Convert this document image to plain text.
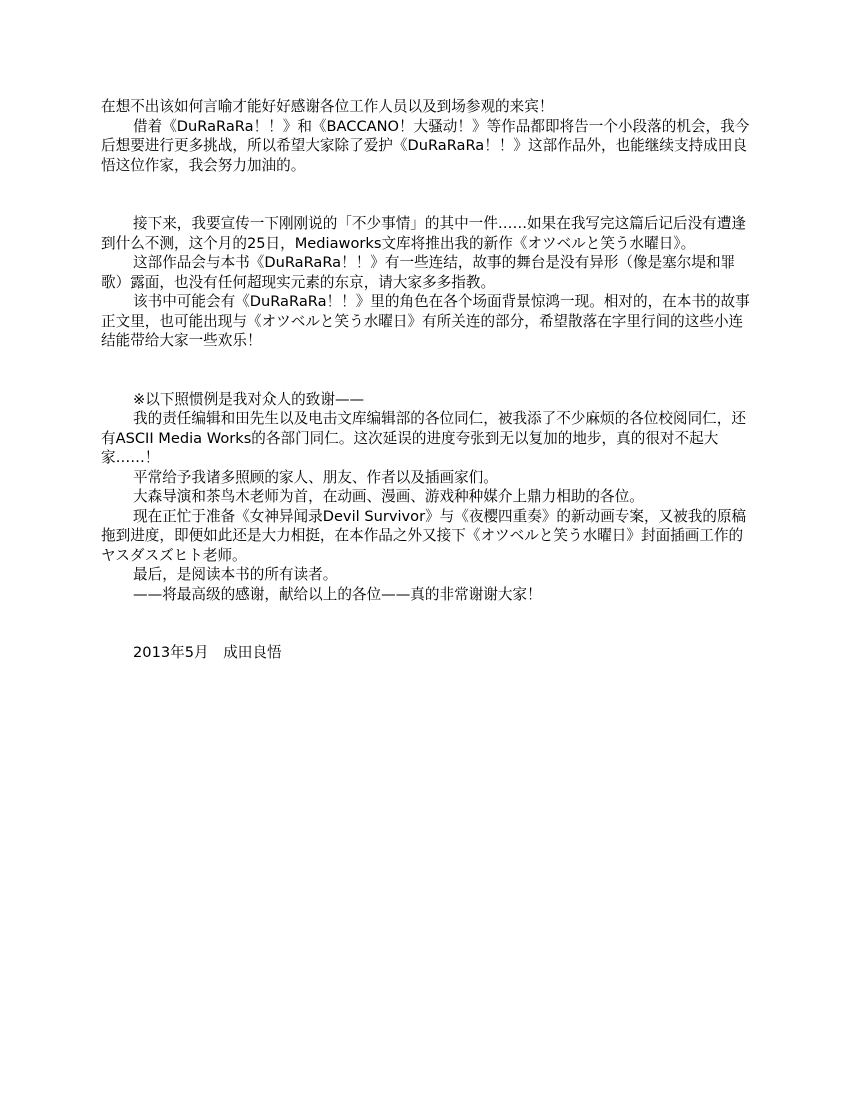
在想不出该如何言喻才能好好感谢各位工作人员以及到场参观的来宾！

借着《DuRaRaRa！！》和《BACCANO！大骚动！》等作品都即将告一个小段落的机会，我今后想要进行更多挑战，所以希望大家除了爱护《DuRaRaRa！！》这部作品外，也能继续支持成田良悟这位作家，我会努力加油的。

接下来，我要宣传一下刚刚说的「不少事情」的其中一件……如果在我写完这篇后记后没有遭逢到什么不测，这个月的25日，Mediaworks文库将推出我的新作《オツベルと笑う水曜日》。

这部作品会与本书《DuRaRaRa！！》有一些连结，故事的舞台是没有异形（像是塞尔堤和罪歌）露面，也没有任何超现实元素的东京，请大家多多指教。

该书中可能会有《DuRaRaRa！！》里的角色在各个场面背景惊鸿一现。相对的，在本书的故事正文里，也可能出现与《オツベルと笑う水曜日》有所关连的部分，希望散落在字里行间的这些小连结能带给大家一些欢乐！

※以下照惯例是我对众人的致谢——

我的责任编辑和田先生以及电击文库编辑部的各位同仁，被我添了不少麻烦的各位校阅同仁，还有ASCII Media Works的各部门同仁。这次延误的进度夸张到无以复加的地步，真的很对不起大家……！

平常给予我诸多照顾的家人、朋友、作者以及插画家们。

大森导演和茶鸟木老师为首，在动画、漫画、游戏种种媒介上鼎力相助的各位。

现在正忙于准备《女神异闻录Devil Survivor》与《夜樱四重奏》的新动画专案，又被我的原稿拖到进度，即便如此还是大力相挺，在本作品之外又接下《オツベルと笑う水曜日》封面插画工作的ヤスダスズヒト老师。

最后，是阅读本书的所有读者。

——将最高级的感谢，献给以上的各位——真的非常谢谢大家！

2013年5月　成田良悟
